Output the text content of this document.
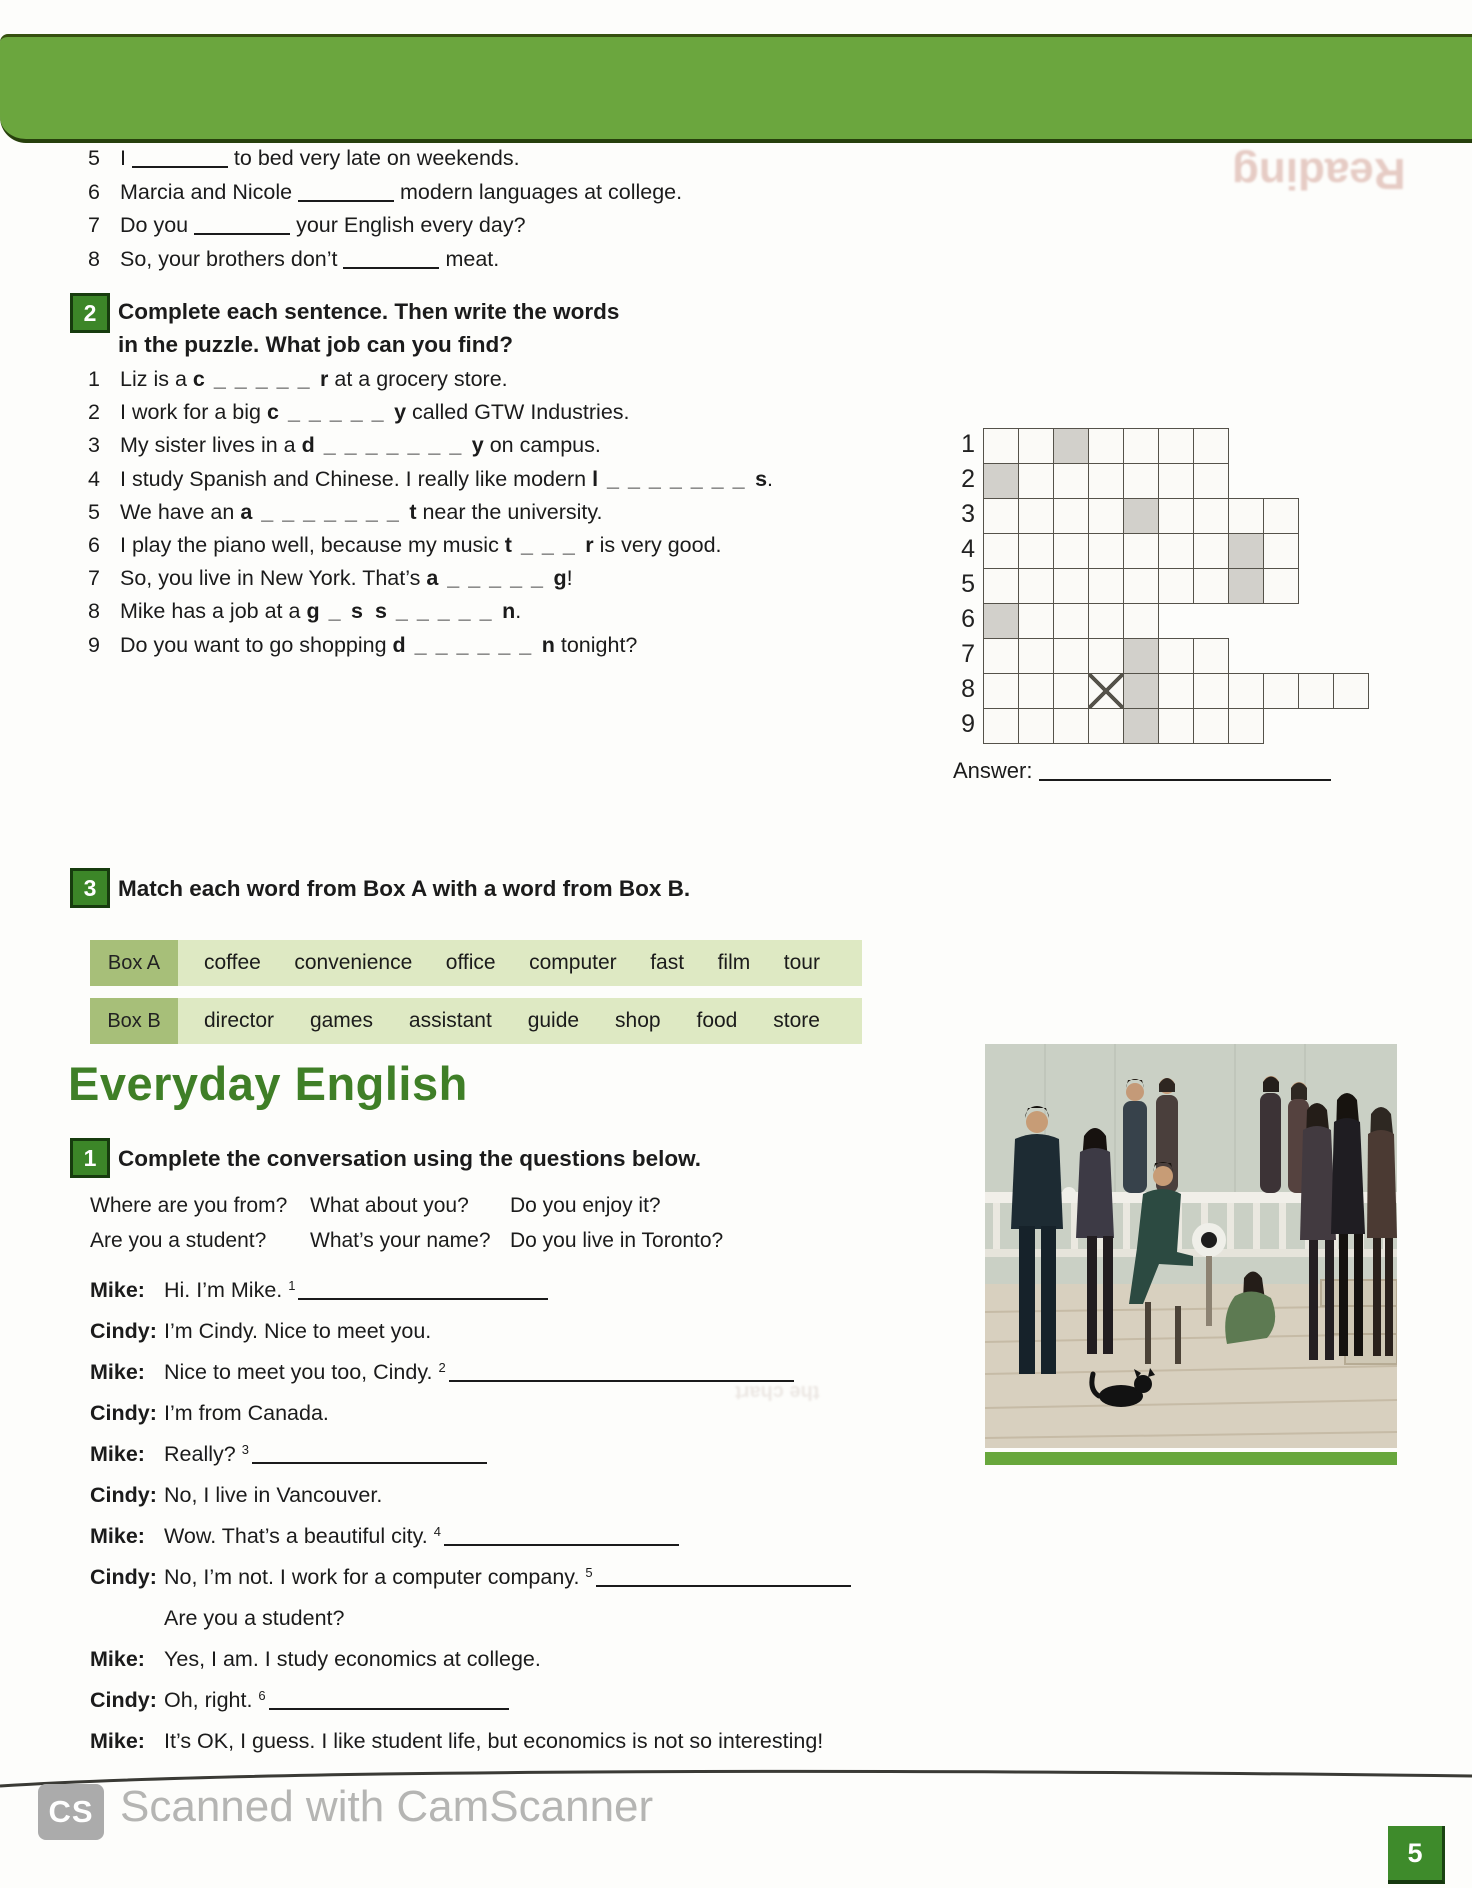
Reading
the chart
5 I	to bed very late on weekends.
6 Marcia and Nicole	modern languages at college.
7 Do you	your English every day?
8 So, your brothers don’t	meat.
2 Complete each sentence. Then write the words
in the puzzle. What job can you find?
1 Liz is a c _ _ _ _ _ r at a grocery store.
2 I work for a big c _ _ _ _ _ y called GTW Industries.
3 My sister lives in a d _ _ _ _ _ _ _ y on campus.
4 I study Spanish and Chinese. I really like modern l _ _ _ _ _ _ _ s.
5 We have an a _ _ _ _ _ _ _ t near the university.
6 I play the piano well, because my music t _ _ _ r is very good.
7 So, you live in New York. That’s a _ _ _ _ _ g!
8 Mike has a job at a g _ s s _ _ _ _ _ n.
9 Do you want to go shopping d _ _ _ _ _ _ n tonight?
1
2
3
4
5
6
7
8
9
Answer:
3 Match each word from Box A with a word from Box B.
Box A	coffee convenience office computer fast film tour
Box B	director games assistant guide shop food store
Everyday English
1 Complete the conversation using the questions below.
Where are you from? What about you? Do you enjoy it?
Are you a student? What’s your name? Do you live in Toronto?
Mike: Hi. I’m Mike. $^1$
Cindy: I’m Cindy. Nice to meet you.
Mike: Nice to meet you too, Cindy. $^2$
Cindy: I’m from Canada.
Mike: Really? $^3$
Cindy: No, I live in Vancouver.
Mike: Wow. That’s a beautiful city. $^4$
Cindy: No, I’m not. I work for a computer company. $^5$
Are you a student?
Mike: Yes, I am. I study economics at college.
Cindy: Oh, right. $^6$
Mike: It’s OK, I guess. I like student life, but economics is not so interesting!
CS Scanned with CamScanner
5
